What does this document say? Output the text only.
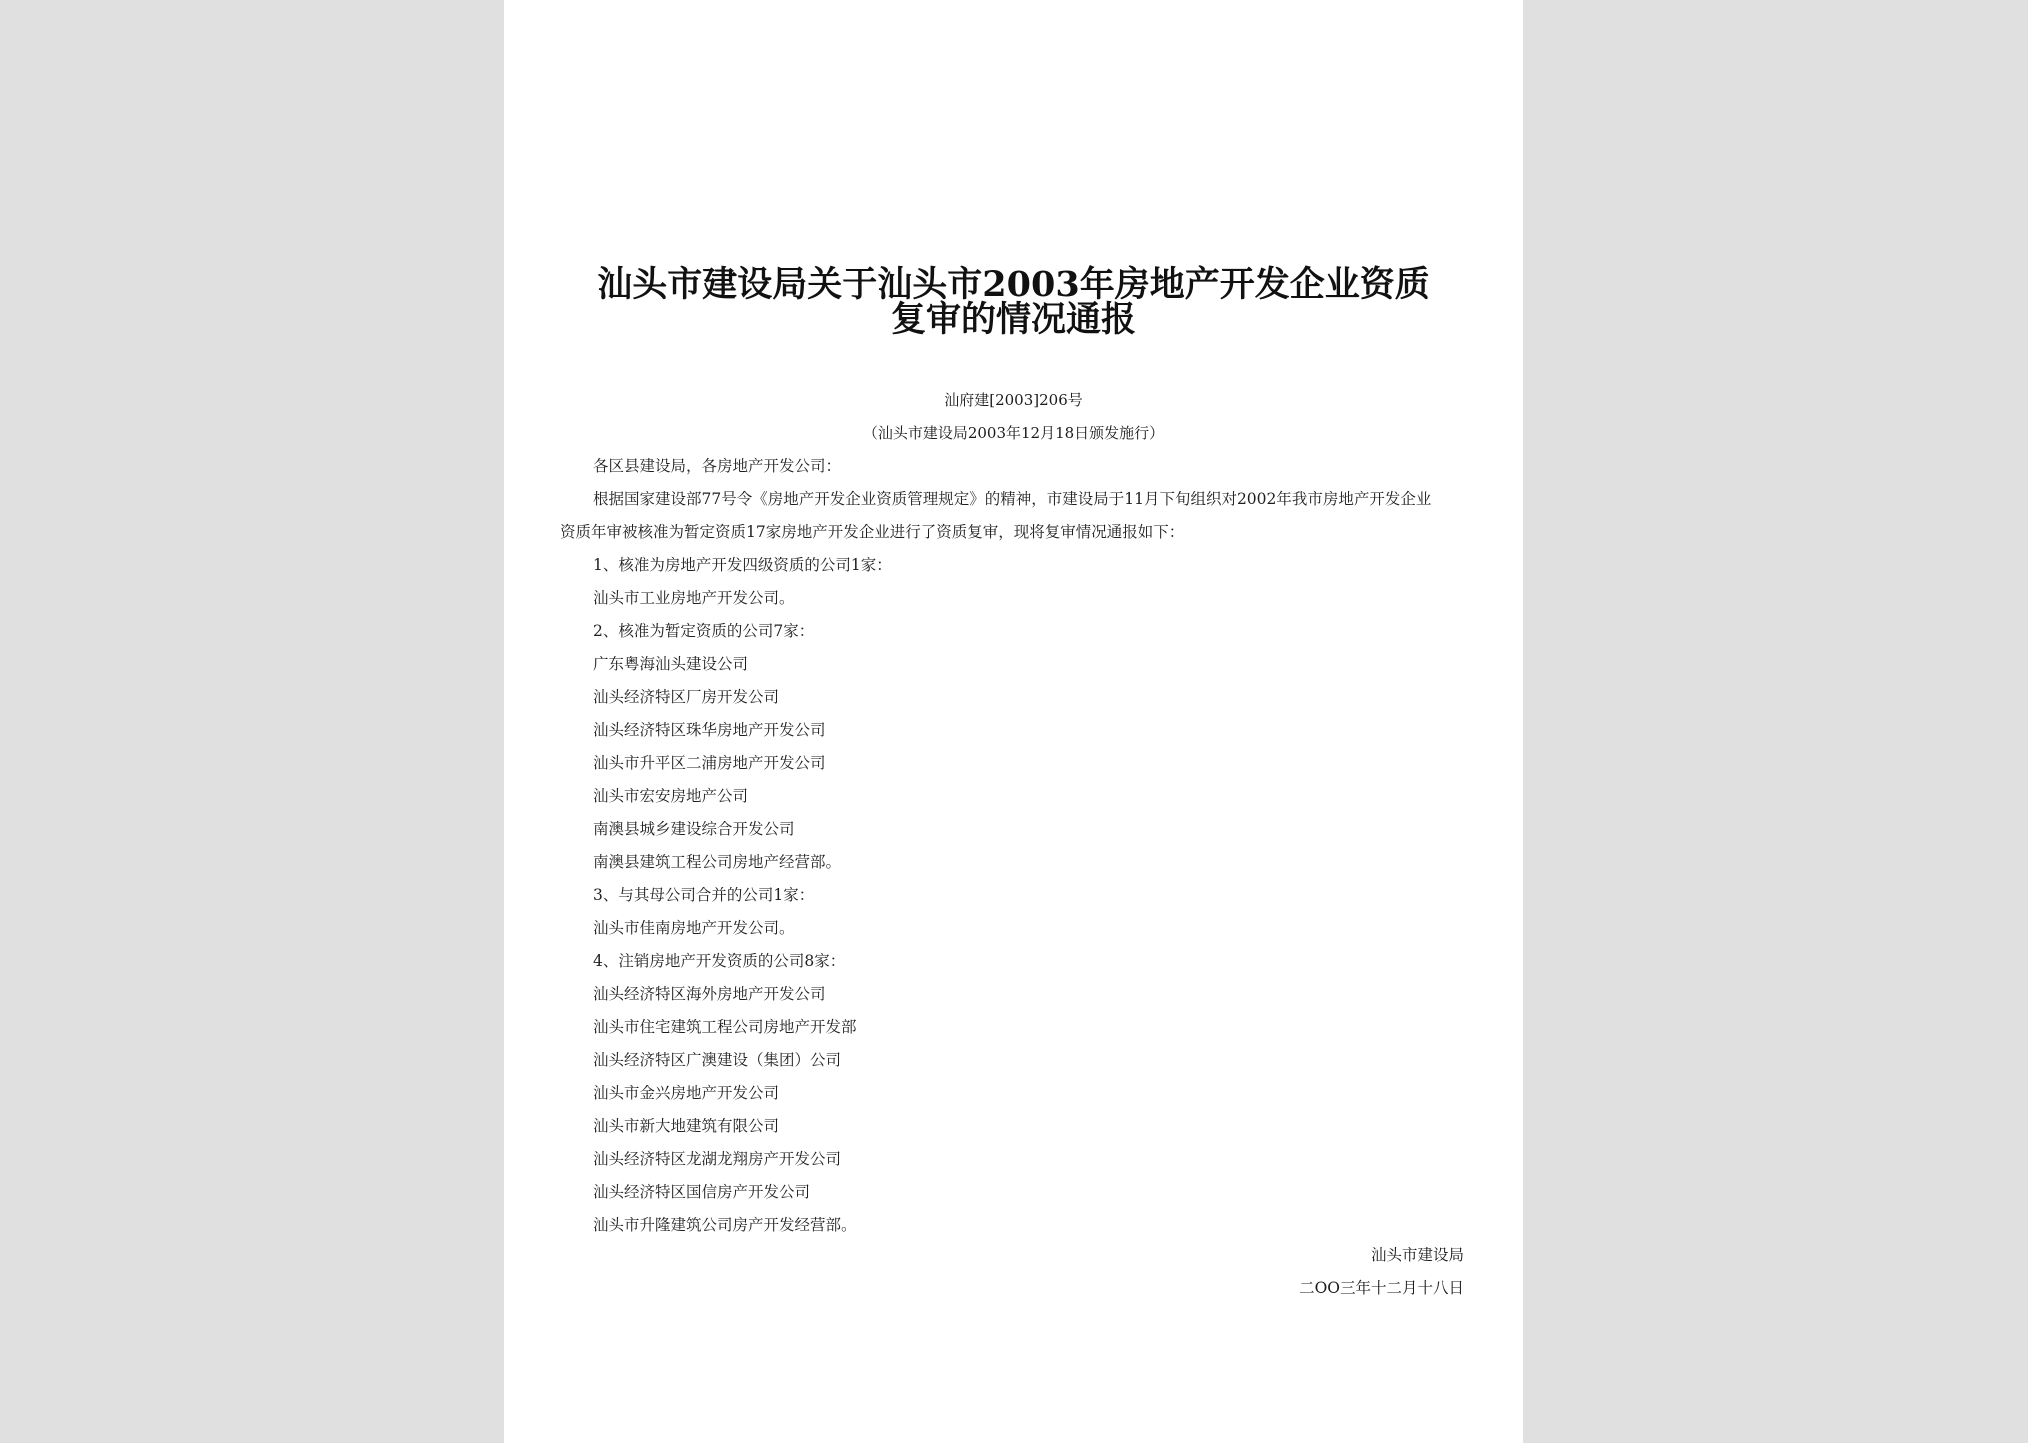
汕头市建设局关于汕头市2003年房地产开发企业资质
复审的情况通报
汕府建[2003]206号
（汕头市建设局2003年12月18日颁发施行）
各区县建设局，各房地产开发公司：
根据国家建设部77号令《房地产开发企业资质管理规定》的精神，市建设局于11月下旬组织对2002年我市房地产开发企业
资质年审被核准为暂定资质17家房地产开发企业进行了资质复审，现将复审情况通报如下：
1、核准为房地产开发四级资质的公司1家：
汕头市工业房地产开发公司。
2、核准为暂定资质的公司7家：
广东粤海汕头建设公司
汕头经济特区厂房开发公司
汕头经济特区珠华房地产开发公司
汕头市升平区二浦房地产开发公司
汕头市宏安房地产公司
南澳县城乡建设综合开发公司
南澳县建筑工程公司房地产经营部。
3、与其母公司合并的公司1家：
汕头市佳南房地产开发公司。
4、注销房地产开发资质的公司8家：
汕头经济特区海外房地产开发公司
汕头市住宅建筑工程公司房地产开发部
汕头经济特区广澳建设（集团）公司
汕头市金兴房地产开发公司
汕头市新大地建筑有限公司
汕头经济特区龙湖龙翔房产开发公司
汕头经济特区国信房产开发公司
汕头市升隆建筑公司房产开发经营部。
汕头市建设局
二ОО三年十二月十八日
